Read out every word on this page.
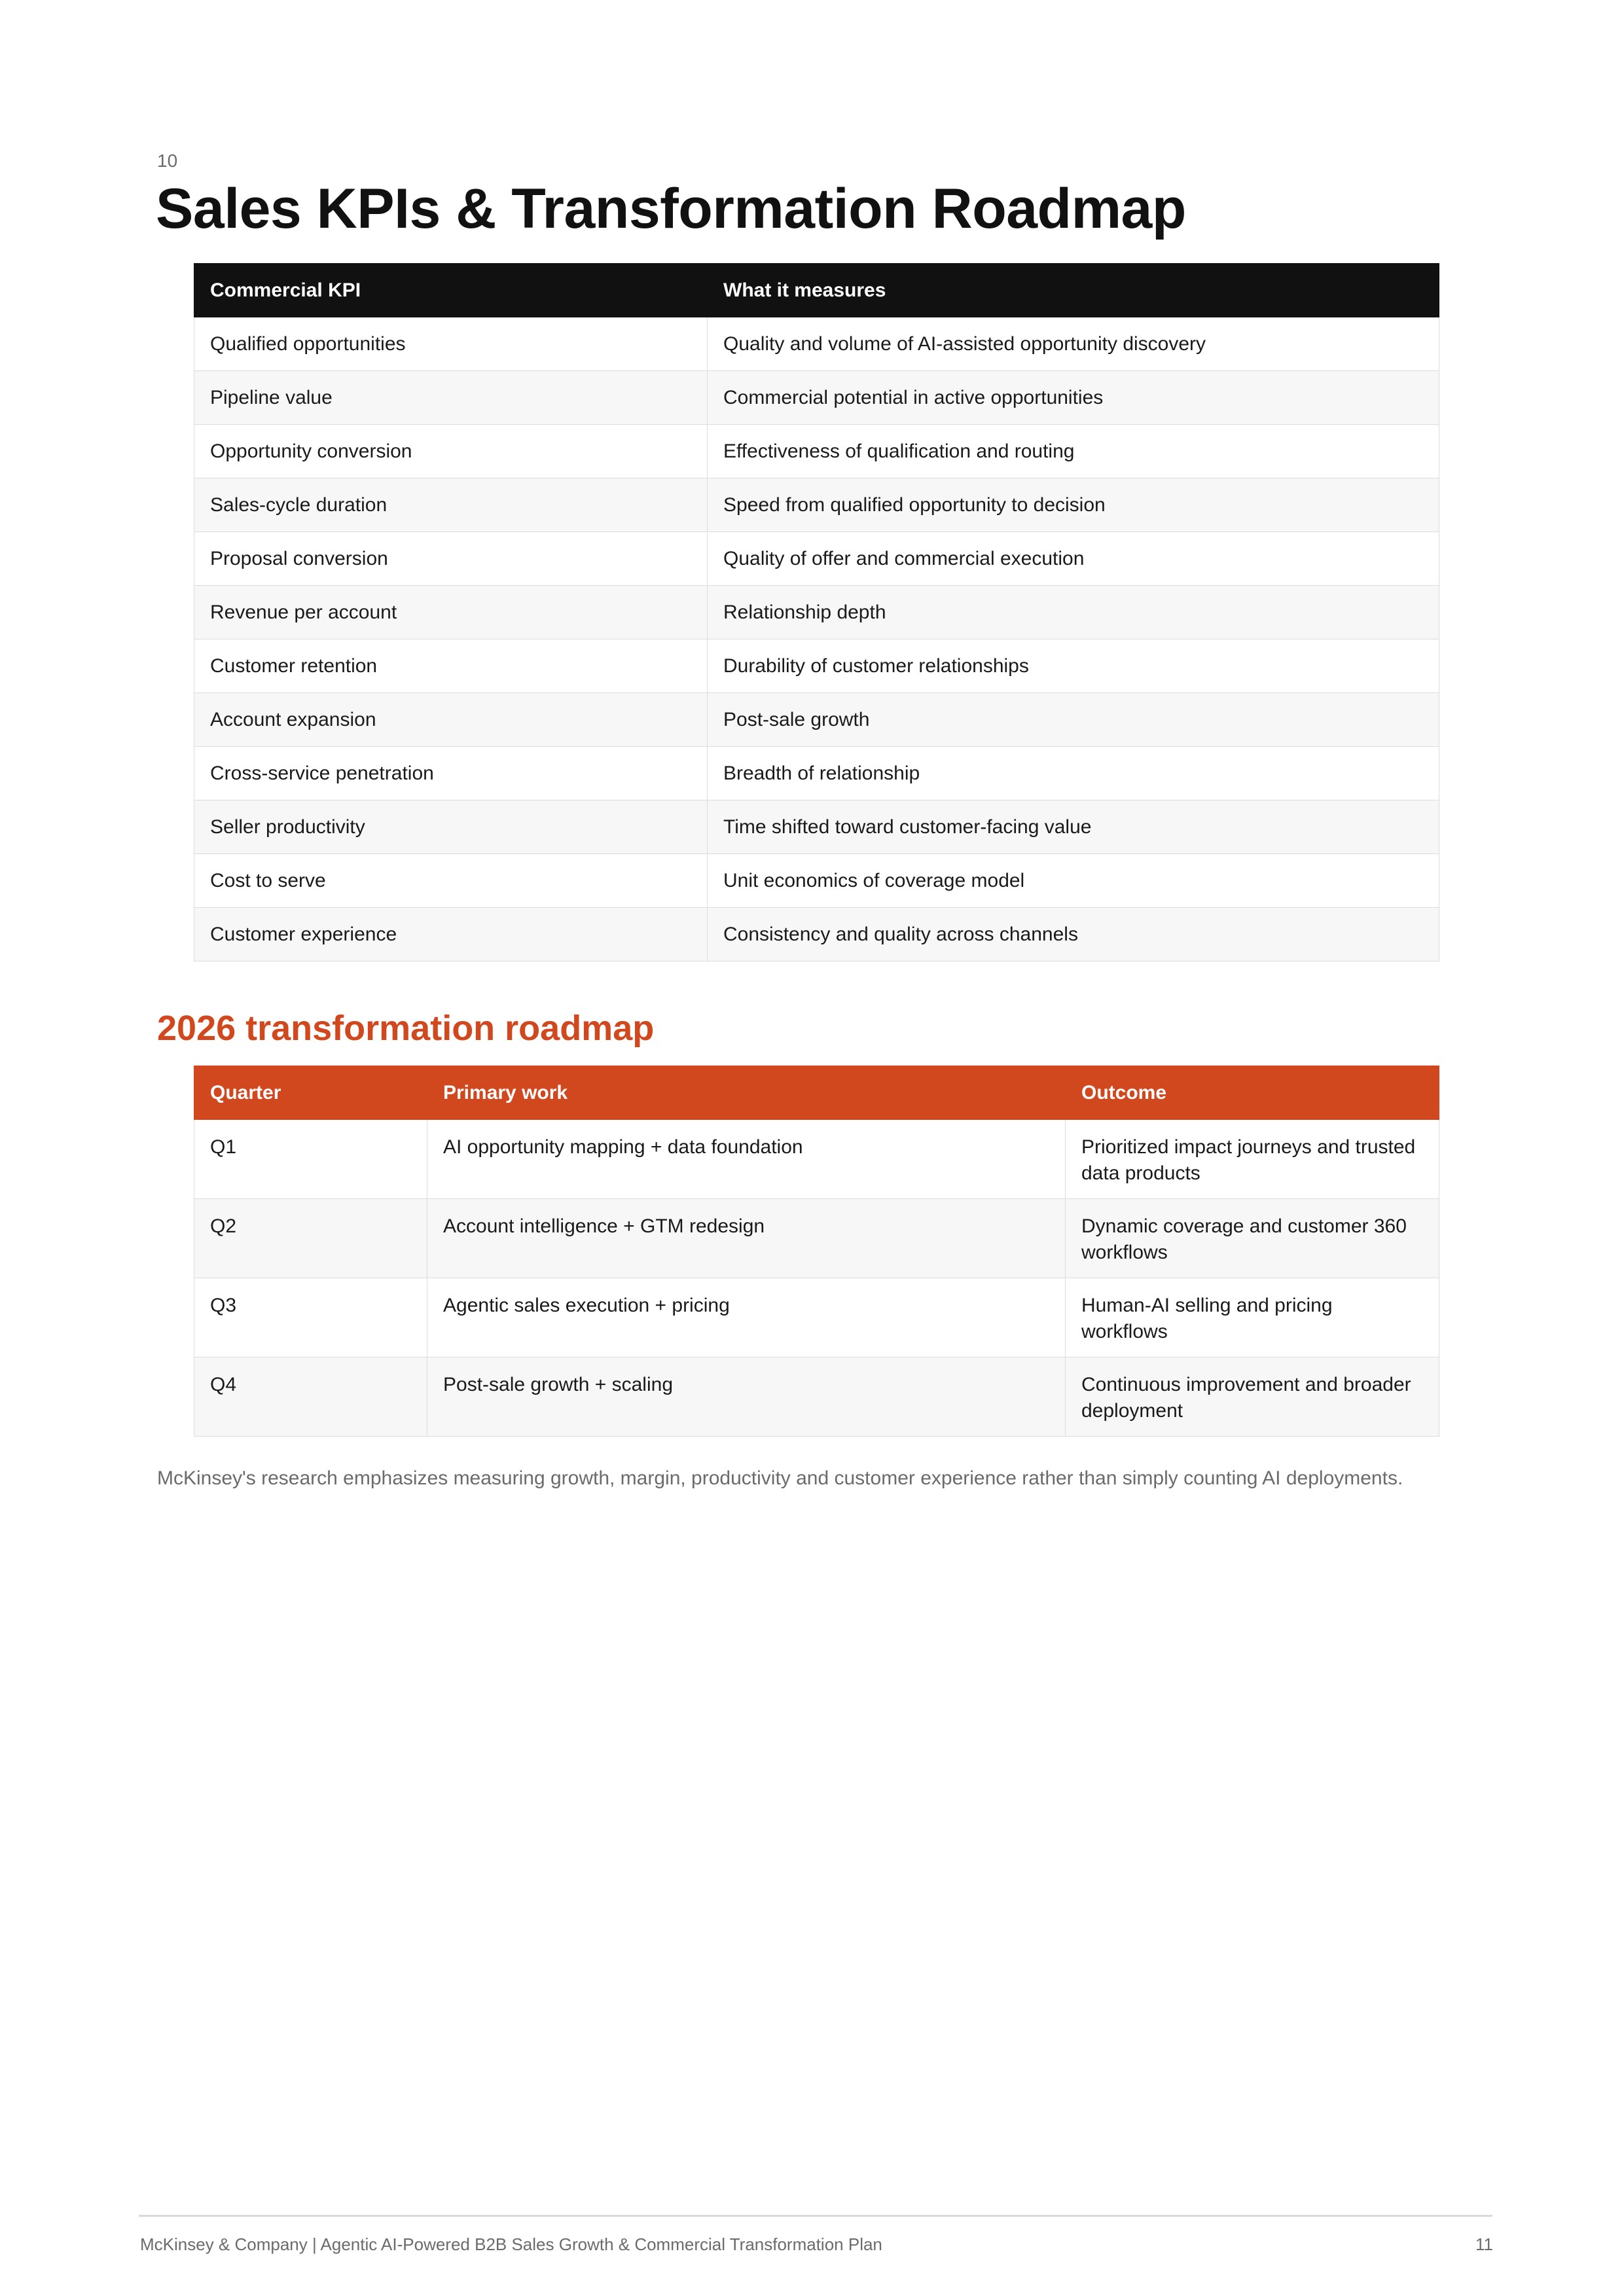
10
Sales KPIs & Transformation Roadmap
Commercial KPI	What it measures
Qualified opportunities	Quality and volume of AI-assisted opportunity discovery
Pipeline value	Commercial potential in active opportunities
Opportunity conversion	Effectiveness of qualification and routing
Sales-cycle duration	Speed from qualified opportunity to decision
Proposal conversion	Quality of offer and commercial execution
Revenue per account	Relationship depth
Customer retention	Durability of customer relationships
Account expansion	Post-sale growth
Cross-service penetration	Breadth of relationship
Seller productivity	Time shifted toward customer-facing value
Cost to serve	Unit economics of coverage model
Customer experience	Consistency and quality across channels
2026 transformation roadmap
Quarter	Primary work	Outcome
Q1	AI opportunity mapping + data foundation	Prioritized impact journeys and trusted data products
Q2	Account intelligence + GTM redesign	Dynamic coverage and customer 360 workflows
Q3	Agentic sales execution + pricing	Human-AI selling and pricing workflows
Q4	Post-sale growth + scaling	Continuous improvement and broader deployment

McKinsey's research emphasizes measuring growth, margin, productivity and customer experience rather than simply counting AI deployments.

McKinsey & Company | Agentic AI-Powered B2B Sales Growth & Commercial Transformation Plan	11
